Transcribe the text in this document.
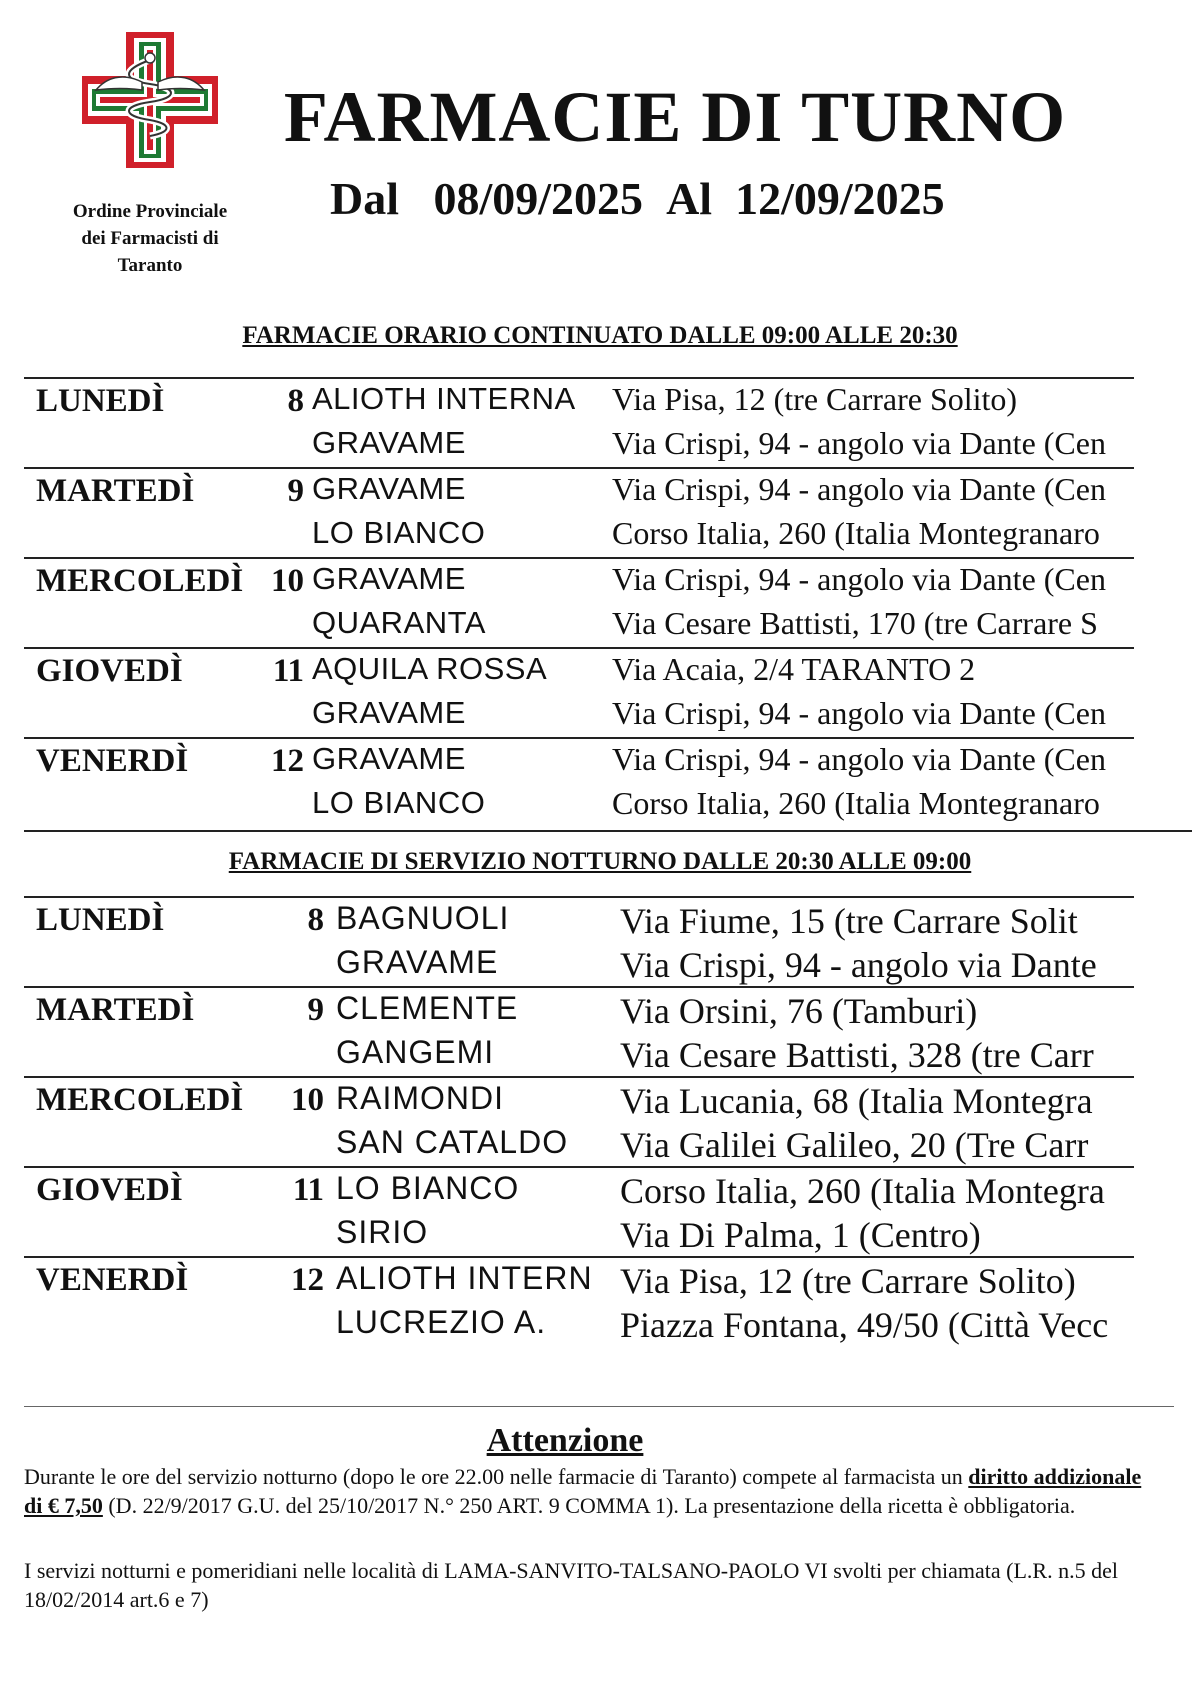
Ordine Provinciale
dei Farmacisti di
Taranto
FARMACIE DI TURNO
Dal 08/09/2025 Al 12/09/2025
FARMACIE ORARIO CONTINUATO DALLE 09:00 ALLE 20:30
LUNEDÌ	8 ALIOTH INTERNA	Via Pisa, 12 (tre Carrare Solito)
GRAVAME	Via Crispi, 94 - angolo via Dante (Cen
MARTEDÌ	9 GRAVAME	Via Crispi, 94 - angolo via Dante (Cen
LO BIANCO	Corso Italia, 260 (Italia Montegranaro
MERCOLEDÌ 10 GRAVAME	Via Crispi, 94 - angolo via Dante (Cen
QUARANTA	Via Cesare Battisti, 170 (tre Carrare S
GIOVEDÌ	11 AQUILA ROSSA	Via Acaia, 2/4 TARANTO 2
GRAVAME	Via Crispi, 94 - angolo via Dante (Cen
VENERDÌ	12 GRAVAME	Via Crispi, 94 - angolo via Dante (Cen
LO BIANCO	Corso Italia, 260 (Italia Montegranaro
FARMACIE DI SERVIZIO NOTTURNO DALLE 20:30 ALLE 09:00
LUNEDÌ	8 BAGNUOLI	Via Fiume, 15 (tre Carrare Solit
GRAVAME	Via Crispi, 94 - angolo via Dante
MARTEDÌ	9 CLEMENTE	Via Orsini, 76 (Tamburi)
GANGEMI	Via Cesare Battisti, 328 (tre Carr
MERCOLEDÌ	10 RAIMONDI	Via Lucania, 68 (Italia Montegra
SAN CATALDO	Via Galilei Galileo, 20 (Tre Carr
GIOVEDÌ	11 LO BIANCO	Corso Italia, 260 (Italia Montegra
SIRIO	Via Di Palma, 1 (Centro)
VENERDÌ	12 ALIOTH INTERN Via Pisa, 12 (tre Carrare Solito)
LUCREZIO A.	Piazza Fontana, 49/50 (Città Vecc
Attenzione
Durante le ore del servizio notturno (dopo le ore 22.00 nelle farmacie di Taranto) compete al farmacista un diritto addizionale di € 7,50 (D. 22/9/2017 G.U. del 25/10/2017 N.° 250 ART. 9 COMMA 1). La presentazione della ricetta è obbligatoria.
I servizi notturni e pomeridiani nelle località di LAMA-SANVITO-TALSANO-PAOLO VI svolti per chiamata (L.R. n.5 del 18/02/2014 art.6 e 7)
